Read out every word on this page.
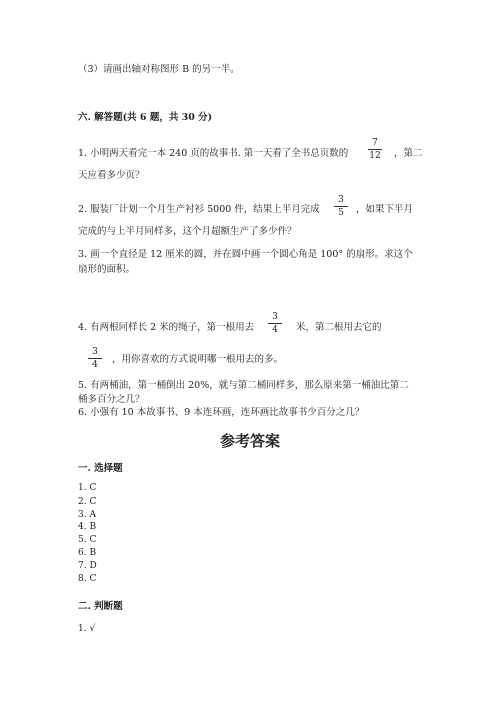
（3）请画出轴对称图形 B 的另一半。
六. 解答题(共 6 题，共 30 分)
1. 小明两天看完一本 240 页的故事书. 第一天看了全书总页数的
7
12 ，第二
天应看多少页？
2. 服装厂计划一个月生产衬衫 5000 件，结果上半月完成
3
5	，如果下半月
完成的与上半月同样多，这个月超额生产了多少件？
3. 画一个直径是 12 厘米的圆，并在圆中画一个圆心角是 100° 的扇形。求这个
扇形的面积。
4. 有两根同样长 2 米的绳子，第一根用去
3
4	米，第二根用去它的
3
4	，用你喜欢的方式说明哪一根用去的多。
5. 有两桶油，第一桶倒出 20%，就与第二桶同样多，那么原来第一桶油比第二
桶多百分之几？
6. 小强有 10 本故事书、9 本连环画，连环画比故事书少百分之几？
参考答案
一. 选择题
1. C
2. C
3. A
4. B
5. C
6. B
7. D
8. C
二. 判断题
1. √
